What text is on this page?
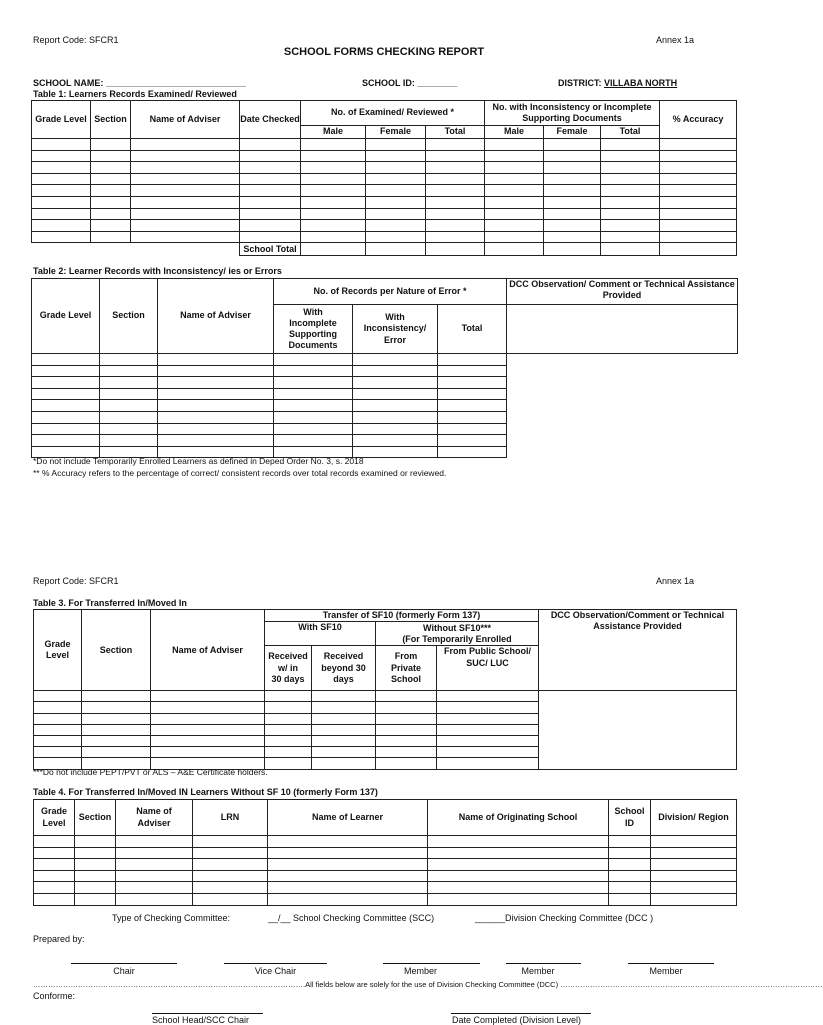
Report Code: SFCR1	Annex 1a
SCHOOL FORMS CHECKING REPORT
SCHOOL NAME: ____________________________	SCHOOL ID: ________	DISTRICT: VILLABA NORTH
Table 1: Learners Records Examined/ Reviewed
Grade Level	Section	Name of Adviser	Date Checked	No. of Examined/ Reviewed *			No. with Inconsistency or Incomplete Supporting Documents			% Accuracy
				Male	Female	Total	Male	Female	Total	

			School Total							
Table 2: Learner Records with Inconsistency/ ies or Errors
Grade Level	Section	Name of Adviser	No. of Records per Nature of Error *			DCC Observation/ Comment or Technical Assistance Provided
			With
Incomplete
Supporting
Documents	With
Inconsistency/
Error	Total	

*Do not include Temporarily Enrolled Learners as defined in Deped Order No. 3, s. 2018
** % Accuracy refers to the percentage of correct/ consistent records over total records examined or reviewed.
Report Code: SFCR1	Annex 1a
Table 3. For Transferred In/Moved In
Grade
Level	Section	Name of Adviser	Transfer of SF10 (formerly Form 137)				DCC Observation/Comment or Technical Assistance Provided
			With SF10		Without SF10***
(For Temporarily Enrolled		
			Received
w/ in
30 days	Received
beyond 30
days	From
Private
School	From Public School/
SUC/ LUC	

***Do not include PEPT/PVT or ALS – A&E Certificate holders.
Table 4. For Transferred In/Moved IN Learners Without SF 10 (formerly Form 137)
Grade
Level	Section	Name of
Adviser	LRN	Name of Learner	Name of Originating School	School
ID	Division/ Region

Type of Checking Committee:	__/__ School Checking Committee (SCC)	______Division Checking Committee (DCC )
Prepared by:
Chair	Vice Chair	Member	Member	Member
……………………………………………………………………………………………….All fields below are solely for the use of Division Checking Committee (DCC) ……………………………………………………………………………………………
Conforme:
School Head/SCC Chair	Date Completed (Division Level)
